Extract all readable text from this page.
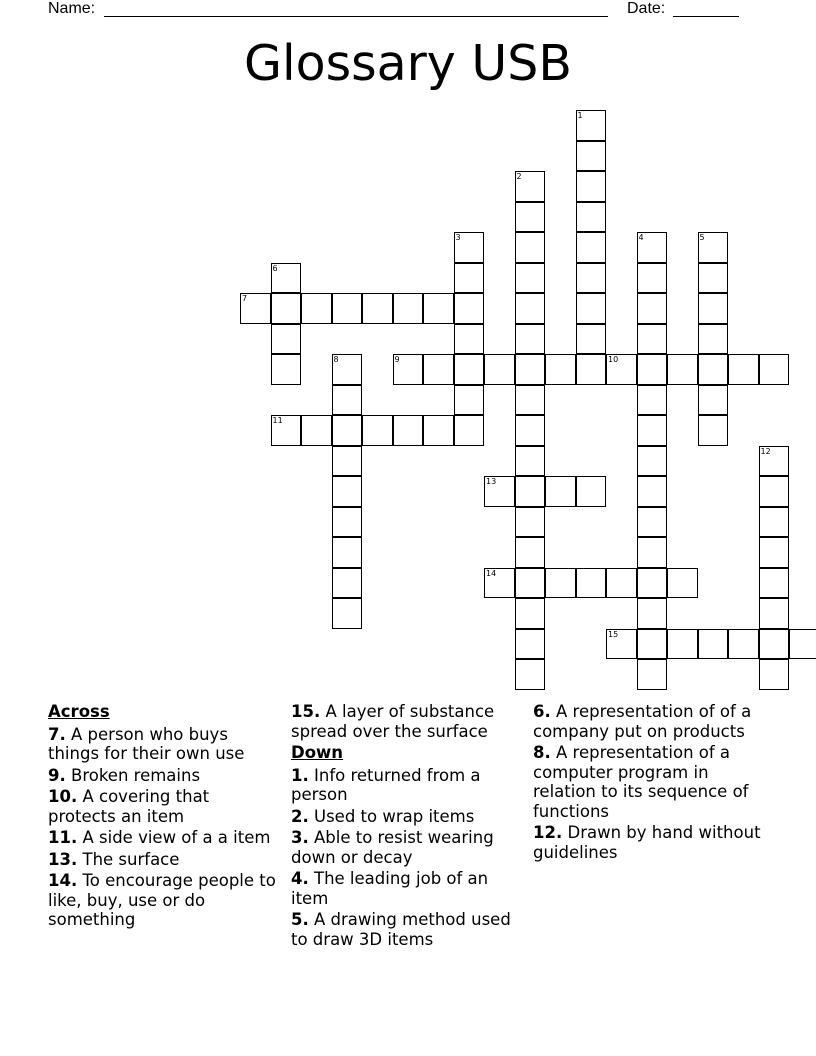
Name:	Date:
Glossary USB
1
2
3	4	5
6
7
8	9	10
11
12
13
14
15
Across
7. A person who buys things for their own use
9. Broken remains
10. A covering that protects an item
11. A side view of a a item
13. The surface
14. To encourage people to like, buy, use or do something
15. A layer of substance spread over the surface
Down
1. Info returned from a person
2. Used to wrap items
3. Able to resist wearing down or decay
4. The leading job of an item
5. A drawing method used to draw 3D items
6. A representation of of a company put on products
8. A representation of a computer program in relation to its sequence of functions
12. Drawn by hand without guidelines
